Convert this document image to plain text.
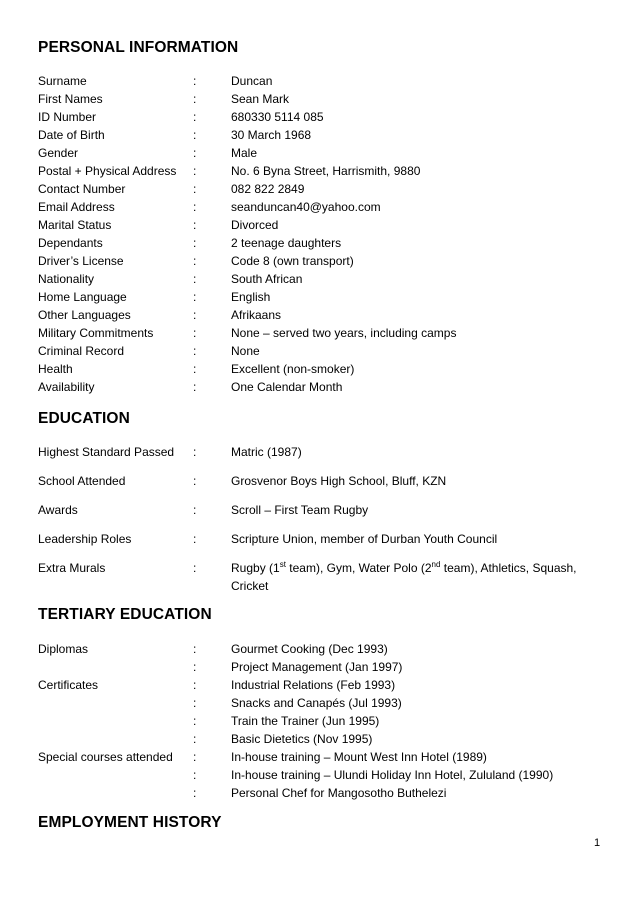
PERSONAL INFORMATION
Surname	:	Duncan
First Names	:	Sean Mark
ID Number	:	680330 5114 085
Date of Birth	:	30 March 1968
Gender	:	Male
Postal + Physical Address :	No. 6 Byna Street, Harrismith, 9880
Contact Number	:	082 822 2849
Email Address	:	seanduncan40@yahoo.com
Marital Status	:	Divorced
Dependants	:	2 teenage daughters
Driver’s License	:	Code 8 (own transport)
Nationality	:	South African
Home Language	:	English
Other Languages	:	Afrikaans
Military Commitments	:	None – served two years, including camps
Criminal Record	:	None
Health	:	Excellent (non-smoker)
Availability	:	One Calendar Month
EDUCATION
Highest Standard Passed :	Matric (1987)
School Attended	:	Grosvenor Boys High School, Bluff, KZN
Awards	:	Scroll – First Team Rugby
Leadership Roles	:	Scripture Union, member of Durban Youth Council
Extra Murals	:	Rugby (1st team), Gym, Water Polo (2nd team), Athletics, Squash, Cricket
TERTIARY EDUCATION
Diplomas	:	Gourmet Cooking (Dec 1993)
:	Project Management (Jan 1997)
Certificates	:	Industrial Relations (Feb 1993)
:	Snacks and Canapés (Jul 1993)
:	Train the Trainer (Jun 1995)
:	Basic Dietetics (Nov 1995)
Special courses attended :	In-house training – Mount West Inn Hotel (1989)
:	In-house training – Ulundi Holiday Inn Hotel, Zululand (1990)
:	Personal Chef for Mangosotho Buthelezi
EMPLOYMENT HISTORY
1
